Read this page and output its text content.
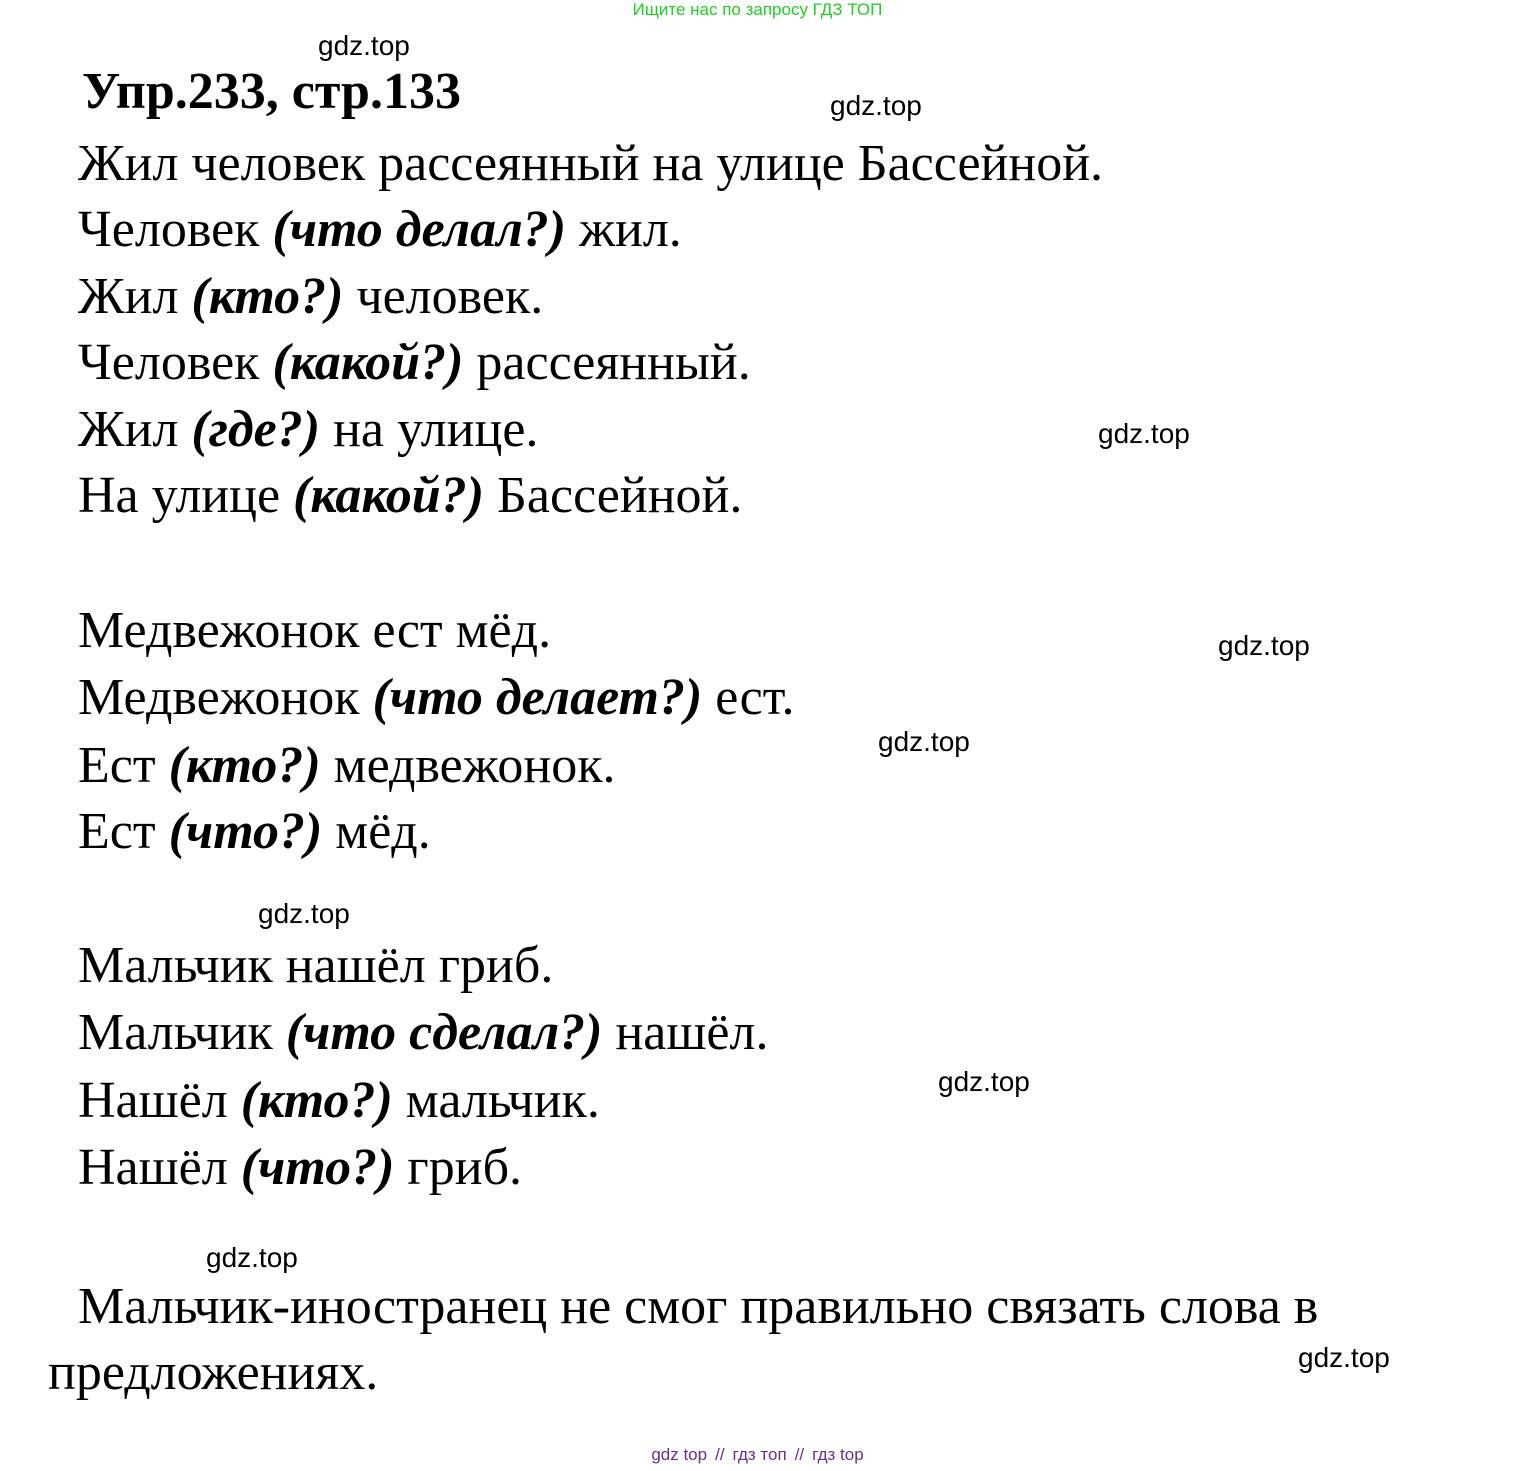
Ищите нас по запросу ГДЗ ТОП
Упр.233, стр.133
gdz.top
gdz.top
gdz.top
gdz.top
gdz.top
gdz.top
gdz.top
gdz.top
gdz.top
Жил человек рассеянный на улице Бассейной.
Человек (что делал?) жил.
Жил (кто?) человек.
Человек (какой?) рассеянный.
Жил (где?) на улице.
На улице (какой?) Бассейной.
Медвежонок ест мёд.
Медвежонок (что делает?) ест.
Ест (кто?) медвежонок.
Ест (что?) мёд.
Мальчик нашёл гриб.
Мальчик (что сделал?) нашёл.
Нашёл (кто?) мальчик.
Нашёл (что?) гриб.
Мальчик-иностранец не смог правильно связать слова в предложениях.
gdz top // гдз топ // гдз top
